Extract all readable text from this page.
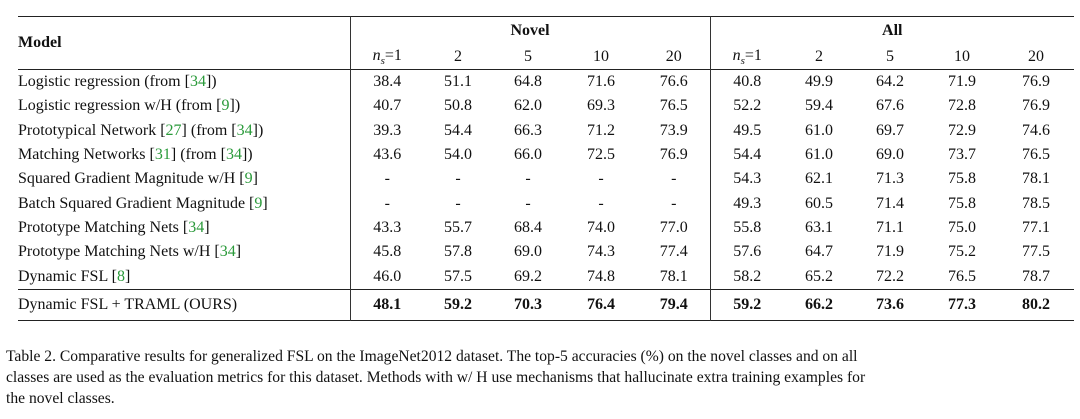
Model	Novel					All				
	$n_s=1$	2	5	10	20	$n_s=1$	2	5	10	20
Logistic regression (from [34])	38.4	51.1	64.8	71.6	76.6	40.8	49.9	64.2	71.9	76.9
Logistic regression w/H (from [9])	40.7	50.8	62.0	69.3	76.5	52.2	59.4	67.6	72.8	76.9
Prototypical Network [27] (from [34])	39.3	54.4	66.3	71.2	73.9	49.5	61.0	69.7	72.9	74.6
Matching Networks [31] (from [34])	43.6	54.0	66.0	72.5	76.9	54.4	61.0	69.0	73.7	76.5
Squared Gradient Magnitude w/H [9]	-	-	-	-	-	54.3	62.1	71.3	75.8	78.1
Batch Squared Gradient Magnitude [9]	-	-	-	-	-	49.3	60.5	71.4	75.8	78.5
Prototype Matching Nets [34]	43.3	55.7	68.4	74.0	77.0	55.8	63.1	71.1	75.0	77.1
Prototype Matching Nets w/H [34]	45.8	57.8	69.0	74.3	77.4	57.6	64.7	71.9	75.2	77.5
Dynamic FSL [8]	46.0	57.5	69.2	74.8	78.1	58.2	65.2	72.2	76.5	78.7
Dynamic FSL + TRAML (OURS)	48.1	59.2	70.3	76.4	79.4	59.2	66.2	73.6	77.3	80.2
Table 2. Comparative results for generalized FSL on the ImageNet2012 dataset. The top-5 accuracies (%) on the novel classes and on all
classes are used as the evaluation metrics for this dataset. Methods with w/ H use mechanisms that hallucinate extra training examples for
the novel classes.
